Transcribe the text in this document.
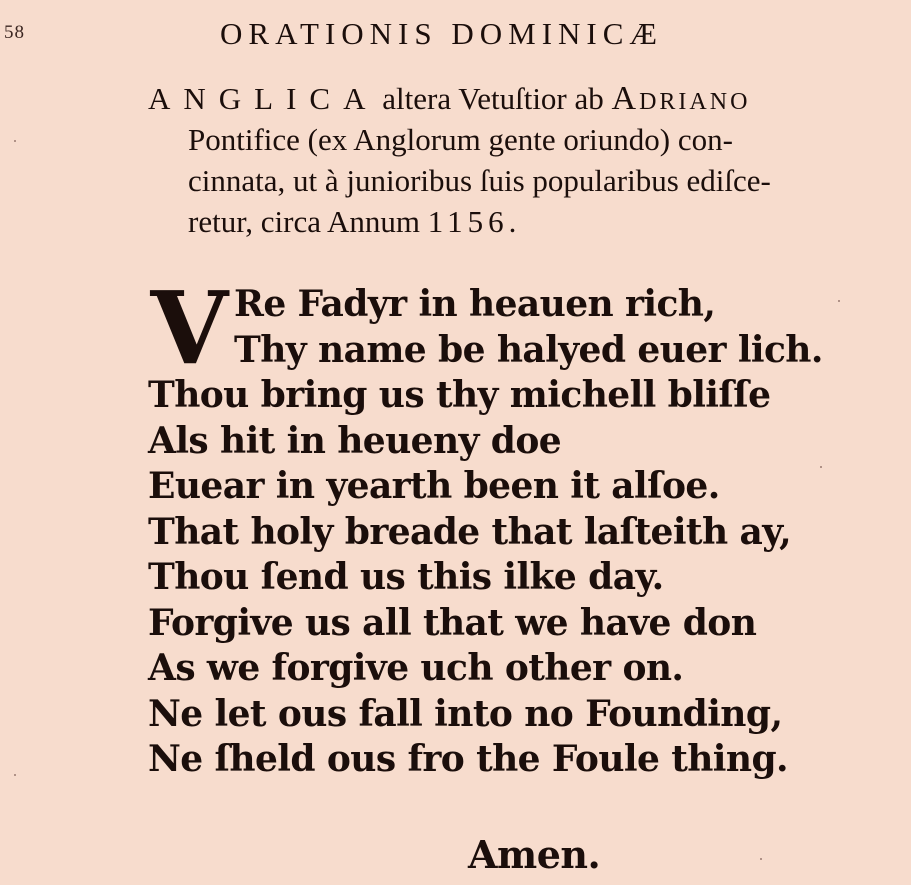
58	ORATIONIS DOMINICÆ
ANGLICA altera Vetuſtior ab Adriano
Pontifice (ex Anglorum gente oriundo) con-
cinnata, ut à junioribus ſuis popularibus ediſce-
retur, circa Annum 1156.
V Re Fadyr in heauen rich,
Thy name be halyed euer lich.
Thou bring us thy michell bliſſe
Als hit in heueny doe
Euear in yearth been it alſoe.
That holy breade that laſteith ay,
Thou ſend us this ilke day.
Forgive us all that we have don
As we forgive uch other on.
Ne let ous fall into no Founding,
Ne ſheld ous fro the Foule thing.
Amen.
